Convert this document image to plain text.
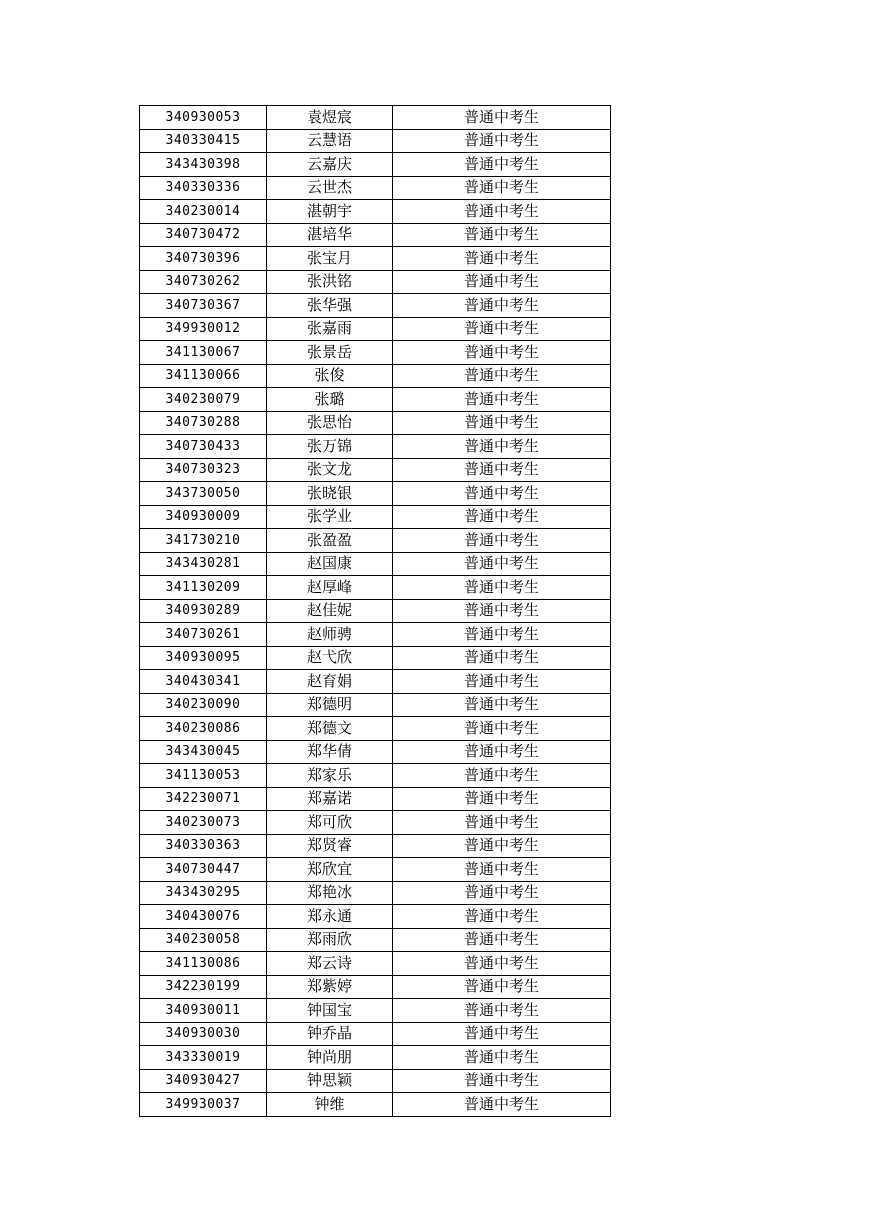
340930053	袁煜宸	普通中考生
340330415	云慧语	普通中考生
343430398	云嘉庆	普通中考生
340330336	云世杰	普通中考生
340230014	湛朝宇	普通中考生
340730472	湛培华	普通中考生
340730396	张宝月	普通中考生
340730262	张洪铭	普通中考生
340730367	张华强	普通中考生
349930012	张嘉雨	普通中考生
341130067	张景岳	普通中考生
341130066	张俊	普通中考生
340230079	张璐	普通中考生
340730288	张思怡	普通中考生
340730433	张万锦	普通中考生
340730323	张文龙	普通中考生
343730050	张晓银	普通中考生
340930009	张学业	普通中考生
341730210	张盈盈	普通中考生
343430281	赵国康	普通中考生
341130209	赵厚峰	普通中考生
340930289	赵佳妮	普通中考生
340730261	赵师骋	普通中考生
340930095	赵弋欣	普通中考生
340430341	赵育娟	普通中考生
340230090	郑德明	普通中考生
340230086	郑德文	普通中考生
343430045	郑华倩	普通中考生
341130053	郑家乐	普通中考生
342230071	郑嘉诺	普通中考生
340230073	郑可欣	普通中考生
340330363	郑贤睿	普通中考生
340730447	郑欣宜	普通中考生
343430295	郑艳冰	普通中考生
340430076	郑永通	普通中考生
340230058	郑雨欣	普通中考生
341130086	郑云诗	普通中考生
342230199	郑紫婷	普通中考生
340930011	钟国宝	普通中考生
340930030	钟乔晶	普通中考生
343330019	钟尚朋	普通中考生
340930427	钟思颖	普通中考生
349930037	钟维	普通中考生
